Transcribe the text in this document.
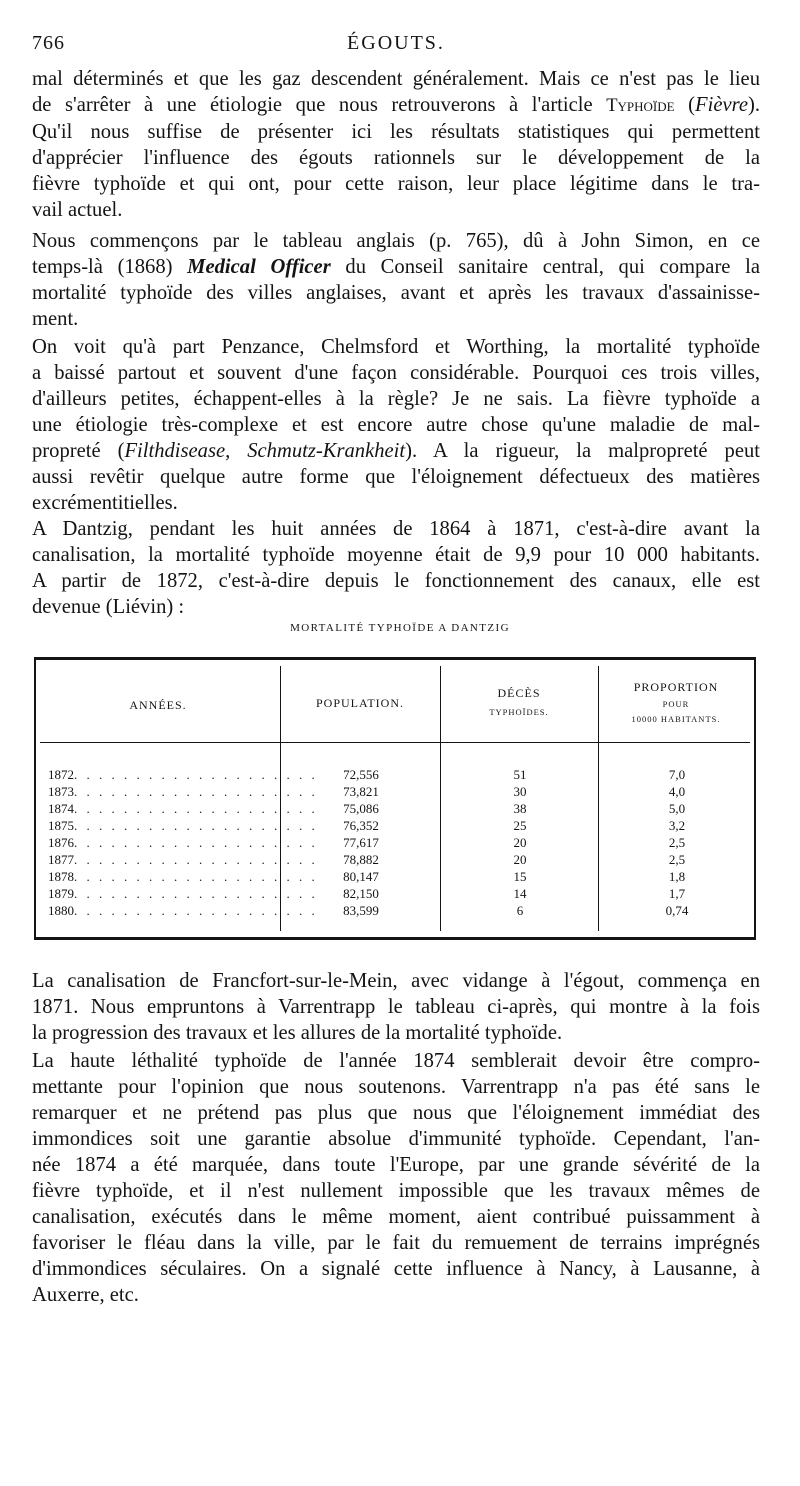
766	ÉGOUTS.
mal déterminés et que les gaz descendent généralement. Mais ce n'est pas le lieu
de s'arrêter à une étiologie que nous retrouverons à l'article Typhoïde (Fièvre).
Qu'il nous suffise de présenter ici les résultats statistiques qui permettent
d'apprécier l'influence des égouts rationnels sur le développement de la
fièvre typhoïde et qui ont, pour cette raison, leur place légitime dans le tra-
vail actuel.
Nous commençons par le tableau anglais (p. 765), dû à John Simon, en ce
temps-là (1868) Medical Officer du Conseil sanitaire central, qui compare la
mortalité typhoïde des villes anglaises, avant et après les travaux d'assainisse-
ment.
On voit qu'à part Penzance, Chelmsford et Worthing, la mortalité typhoïde
a baissé partout et souvent d'une façon considérable. Pourquoi ces trois villes,
d'ailleurs petites, échappent-elles à la règle? Je ne sais. La fièvre typhoïde a
une étiologie très-complexe et est encore autre chose qu'une maladie de mal-
propreté (Filthdisease, Schmutz-Krankheit). A la rigueur, la malpropreté peut
aussi revêtir quelque autre forme que l'éloignement défectueux des matières
excrémentitielles.
A Dantzig, pendant les huit années de 1864 à 1871, c'est-à-dire avant la
canalisation, la mortalité typhoïde moyenne était de 9,9 pour 10 000 habitants.
A partir de 1872, c'est-à-dire depuis le fonctionnement des canaux, elle est
devenue (Liévin) :
MORTALITÉ TYPHOÏDE A DANTZIG
ANNÉES.	POPULATION.
DÉCÈS
TYPHOÏDES.
PROPORTION
POUR
10000 HABITANTS.
1872. . . . . . . . . . . . . . . . . . . .	72,556	51	7,0
1873. . . . . . . . . . . . . . . . . . . .	73,821	30	4,0
1874. . . . . . . . . . . . . . . . . . . .	75,086	38	5,0
1875. . . . . . . . . . . . . . . . . . . .	76,352	25	3,2
1876. . . . . . . . . . . . . . . . . . . .	77,617	20	2,5
1877. . . . . . . . . . . . . . . . . . . .	78,882	20	2,5
1878. . . . . . . . . . . . . . . . . . . .	80,147	15	1,8
1879. . . . . . . . . . . . . . . . . . . .	82,150	14	1,7
1880. . . . . . . . . . . . . . . . . . . .	83,599	6	0,74
La canalisation de Francfort-sur-le-Mein, avec vidange à l'égout, commença en
1871. Nous empruntons à Varrentrapp le tableau ci-après, qui montre à la fois
la progression des travaux et les allures de la mortalité typhoïde.
La haute léthalité typhoïde de l'année 1874 semblerait devoir être compro-
mettante pour l'opinion que nous soutenons. Varrentrapp n'a pas été sans le
remarquer et ne prétend pas plus que nous que l'éloignement immédiat des
immondices soit une garantie absolue d'immunité typhoïde. Cependant, l'an-
née 1874 a été marquée, dans toute l'Europe, par une grande sévérité de la
fièvre typhoïde, et il n'est nullement impossible que les travaux mêmes de
canalisation, exécutés dans le même moment, aient contribué puissamment à
favoriser le fléau dans la ville, par le fait du remuement de terrains imprégnés
d'immondices séculaires. On a signalé cette influence à Nancy, à Lausanne, à
Auxerre, etc.
